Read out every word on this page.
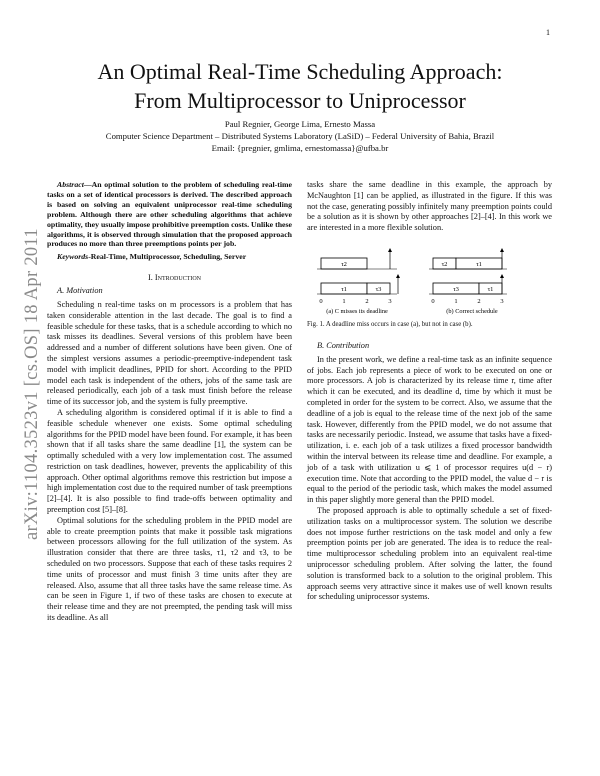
1
arXiv:1104.3523v1 [cs.OS] 18 Apr 2011
An Optimal Real-Time Scheduling Approach:
From Multiprocessor to Uniprocessor
Paul Regnier, George Lima, Ernesto Massa
Computer Science Department – Distributed Systems Laboratory (LaSiD) – Federal University of Bahia, Brazil
Email: {pregnier, gmlima, ernestomassa}@ufba.br

Abstract—An optimal solution to the problem of scheduling real-time tasks on a set of identical processors is derived. The described approach is based on solving an equivalent uniprocessor real-time scheduling problem. Although there are other scheduling algorithms that achieve optimality, they usually impose prohibitive preemption costs. Unlike these algorithms, it is observed through simulation that the proposed approach produces no more than three preemptions points per job.

Keywords-Real-Time, Multiprocessor, Scheduling, Server

I. Introduction

A. Motivation

Scheduling n real-time tasks on m processors is a problem that has taken considerable attention in the last decade. The goal is to find a feasible schedule for these tasks, that is a schedule according to which no task misses its deadlines. Several versions of this problem have been addressed and a number of different solutions have been given. One of the simplest versions assumes a periodic-preemptive-independent task model with implicit deadlines, PPID for short. According to the PPID model each task is independent of the others, jobs of the same task are released periodically, each job of a task must finish before the release time of its successor job, and the system is fully preemptive.

A scheduling algorithm is considered optimal if it is able to find a feasible schedule whenever one exists. Some optimal scheduling algorithms for the PPID model have been found. For example, it has been shown that if all tasks share the same deadline [1], the system can be optimally scheduled with a very low implementation cost. The assumed restriction on task deadlines, however, prevents the applicability of this approach. Other optimal algorithms remove this restriction but impose a high implementation cost due to the required number of task preemptions [2]–[4]. It is also possible to find trade-offs between optimality and preemption cost [5]–[8].

Optimal solutions for the scheduling problem in the PPID model are able to create preemption points that make it possible task migrations between processors allowing for the full utilization of the system. As illustration consider that there are three tasks, τ1, τ2 and τ3, to be scheduled on two processors. Suppose that each of these tasks requires 2 time units of processor and must finish 3 time units after they are released. Also, assume that all three tasks have the same release time. As can be seen in Figure 1, if two of these tasks are chosen to execute at their release time and they are not preempted, the pending task will miss its deadline. As all

tasks share the same deadline in this example, the approach by McNaughton [1] can be applied, as illustrated in the figure. If this was not the case, generating possibly infinitely many preemption points could be a solution as it is shown by other approaches [2]–[4]. In this work we are interested in a more flexible solution.

τ2
τ1	τ3
0	1	2	3
(a) C misses its deadline
τ2	τ1
τ3	τ1
0	1	2	3
(b) Correct schedule
Fig. 1. A deadline miss occurs in case (a), but not in case (b).

B. Contribution

In the present work, we define a real-time task as an infinite sequence of jobs. Each job represents a piece of work to be executed on one or more processors. A job is characterized by its release time r, time after which it can be executed, and its deadline d, time by which it must be completed in order for the system to be correct. Also, we assume that the deadline of a job is equal to the release time of the next job of the same task. However, differently from the PPID model, we do not assume that tasks are necessarily periodic. Instead, we assume that tasks have a fixed-utilization, i. e. each job of a task utilizes a fixed processor bandwidth within the interval between its release time and deadline. For example, a job of a task with utilization u ⩽ 1 of processor requires u(d − r) execution time. Note that according to the PPID model, the value d − r is equal to the period of the periodic task, which makes the model assumed in this paper slightly more general than the PPID model.

The proposed approach is able to optimally schedule a set of fixed-utilization tasks on a multiprocessor system. The solution we describe does not impose further restrictions on the task model and only a few preemption points per job are generated. The idea is to reduce the real-time multiprocessor scheduling problem into an equivalent real-time uniprocessor scheduling problem. After solving the latter, the found solution is transformed back to a solution to the original problem. This approach seems very attractive since it makes use of well known results for scheduling uniprocessor systems.
